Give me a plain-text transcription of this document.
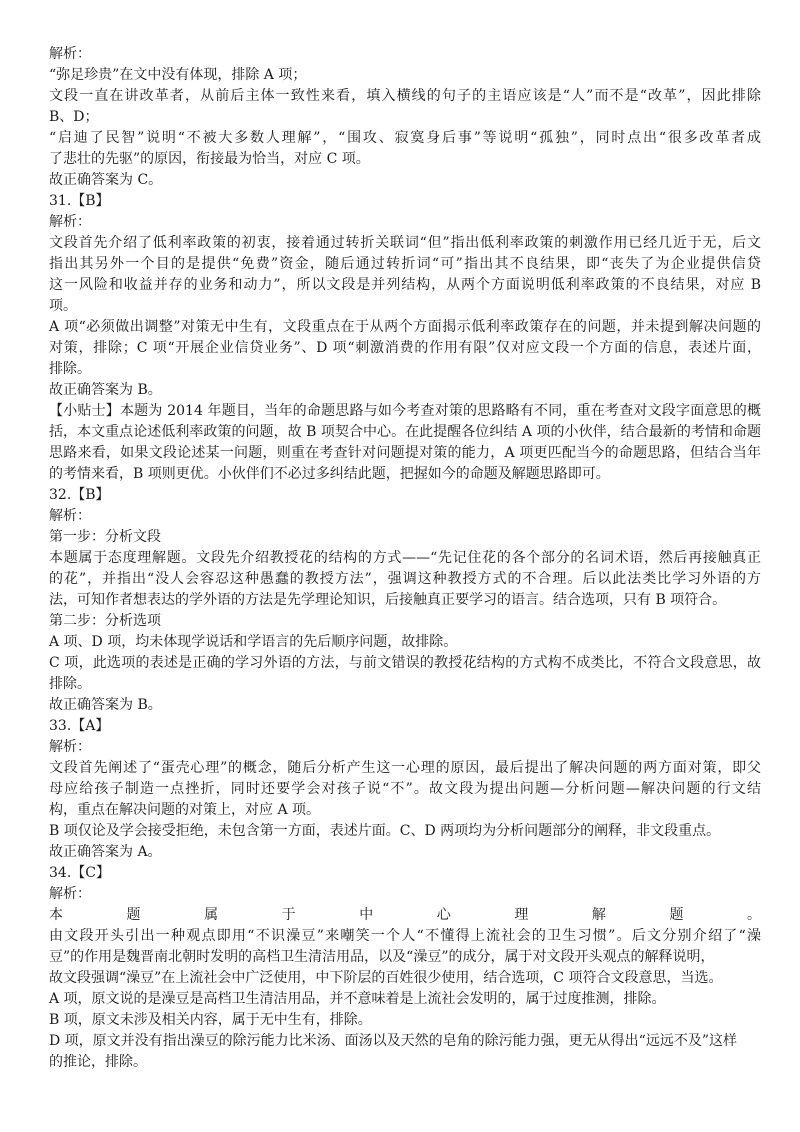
解析：
“弥足珍贵”在文中没有体现，排除 A 项；
文段一直在讲改革者，从前后主体一致性来看，填入横线的句子的主语应该是“人”而不是“改革”，因此排除
B、D；
“启迪了民智”说明“不被大多数人理解”，“围攻、寂寞身后事”等说明“孤独”，同时点出“很多改革者成
了悲壮的先驱”的原因，衔接最为恰当，对应 C 项。
故正确答案为 C。
31.【B】
解析：
文段首先介绍了低利率政策的初衷，接着通过转折关联词“但”指出低利率政策的刺激作用已经几近于无，后文
指出其另外一个目的是提供“免费”资金，随后通过转折词“可”指出其不良结果，即“丧失了为企业提供信贷
这一风险和收益并存的业务和动力”，所以文段是并列结构，从两个方面说明低利率政策的不良结果，对应 B
项。
A 项“必须做出调整”对策无中生有，文段重点在于从两个方面揭示低利率政策存在的问题，并未提到解决问题的
对策，排除；C 项“开展企业信贷业务”、D 项“刺激消费的作用有限”仅对应文段一个方面的信息，表述片面，
排除。
故正确答案为 B。
【小贴士】本题为 2014 年题目，当年的命题思路与如今考查对策的思路略有不同，重在考查对文段字面意思的概
括，本文重点论述低利率政策的问题，故 B 项契合中心。在此提醒各位纠结 A 项的小伙伴，结合最新的考情和命题
思路来看，如果文段论述某一问题，则重在考查针对问题提对策的能力，A 项更匹配当今的命题思路，但结合当年
的考情来看，B 项则更优。小伙伴们不必过多纠结此题，把握如今的命题及解题思路即可。
32.【B】
解析：
第一步：分析文段
本题属于态度理解题。文段先介绍教授花的结构的方式——“先记住花的各个部分的名词术语，然后再接触真正
的花”，并指出“没人会容忍这种愚蠢的教授方法”，强调这种教授方式的不合理。后以此法类比学习外语的方
法，可知作者想表达的学外语的方法是先学理论知识，后接触真正要学习的语言。结合选项，只有 B 项符合。
第二步：分析选项
A 项、D 项，均未体现学说话和学语言的先后顺序问题，故排除。
C 项，此选项的表述是正确的学习外语的方法，与前文错误的教授花结构的方式构不成类比，不符合文段意思，故
排除。
故正确答案为 B。
33.【A】
解析：
文段首先阐述了“蛋壳心理”的概念，随后分析产生这一心理的原因，最后提出了解决问题的两方面对策，即父
母应给孩子制造一点挫折，同时还要学会对孩子说“不”。故文段为提出问题—分析问题—解决问题的行文结
构，重点在解决问题的对策上，对应 A 项。
B 项仅论及学会接受拒绝，未包含第一方面，表述片面。C、D 两项均为分析问题部分的阐释，非文段重点。
故正确答案为 A。
34.【C】
解析：
本题属于中心理解题。
由文段开头引出一种观点即用“不识澡豆”来嘲笑一个人“不懂得上流社会的卫生习惯”。后文分别介绍了“澡
豆”的作用是魏晋南北朝时发明的高档卫生清洁用品，以及“澡豆”的成分，属于对文段开头观点的解释说明，
故文段强调“澡豆”在上流社会中广泛使用，中下阶层的百姓很少使用，结合选项，C 项符合文段意思，当选。
A 项，原文说的是澡豆是高档卫生清洁用品，并不意味着是上流社会发明的，属于过度推测，排除。
B 项，原文未涉及相关内容，属于无中生有，排除。
D 项，原文并没有指出澡豆的除污能力比米汤、面汤以及天然的皂角的除污能力强，更无从得出“远远不及”这样
的推论，排除。
